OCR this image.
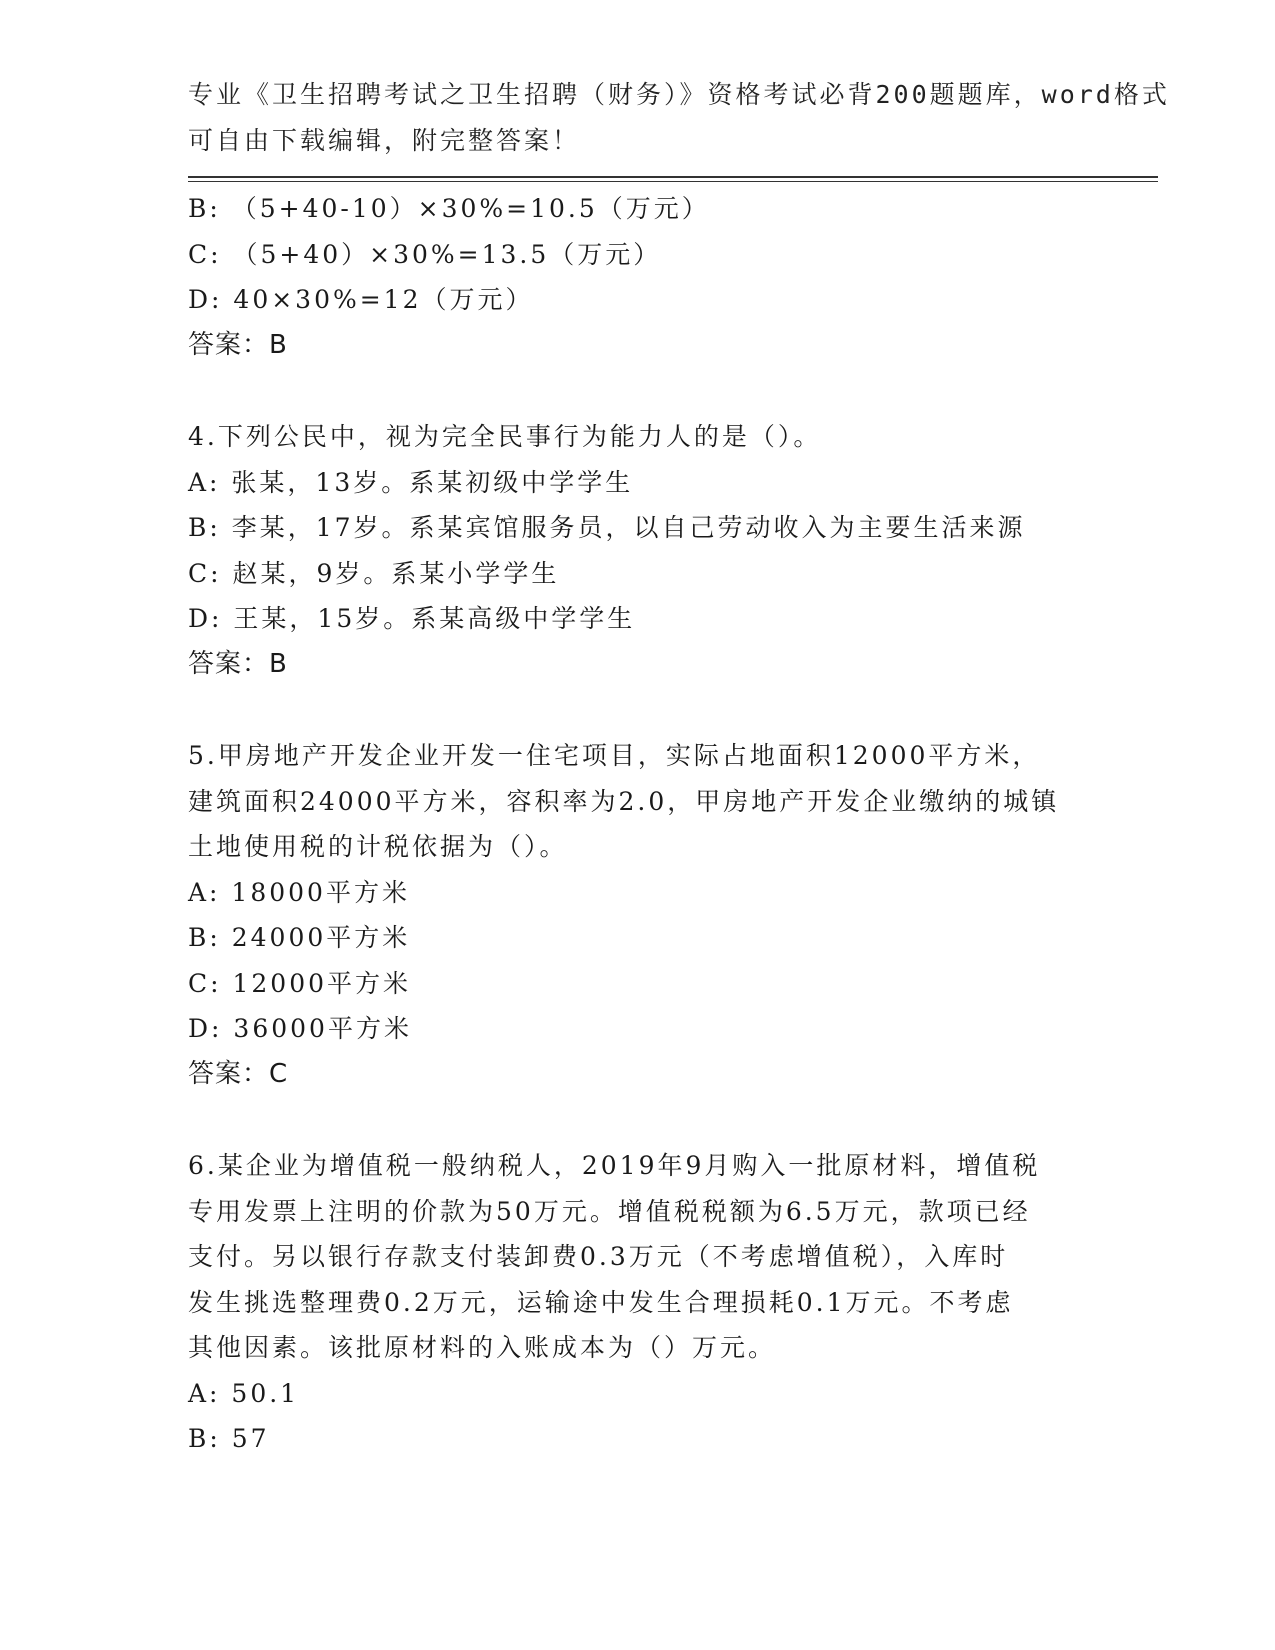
专业《卫生招聘考试之卫生招聘（财务）》资格考试必背200题题库，word格式
可自由下载编辑，附完整答案！
B: （5+40-10）×30%=10.5（万元）
C: （5+40）×30%=13.5（万元）
D: 40×30%=12（万元）
答案：B
4.下列公民中，视为完全民事行为能力人的是（）。
A: 张某，13岁。系某初级中学学生
B: 李某，17岁。系某宾馆服务员，以自己劳动收入为主要生活来源
C: 赵某，9岁。系某小学学生
D: 王某，15岁。系某高级中学学生
答案：B
5.甲房地产开发企业开发一住宅项目，实际占地面积12000平方米，
建筑面积24000平方米，容积率为2.0，甲房地产开发企业缴纳的城镇
土地使用税的计税依据为（）。
A: 18000平方米
B: 24000平方米
C: 12000平方米
D: 36000平方米
答案：C
6.某企业为增值税一般纳税人，2019年9月购入一批原材料，增值税
专用发票上注明的价款为50万元。增值税税额为6.5万元，款项已经
支付。另以银行存款支付装卸费0.3万元（不考虑增值税），入库时
发生挑选整理费0.2万元，运输途中发生合理损耗0.1万元。不考虑
其他因素。该批原材料的入账成本为（）万元。
A: 50.1
B: 57
